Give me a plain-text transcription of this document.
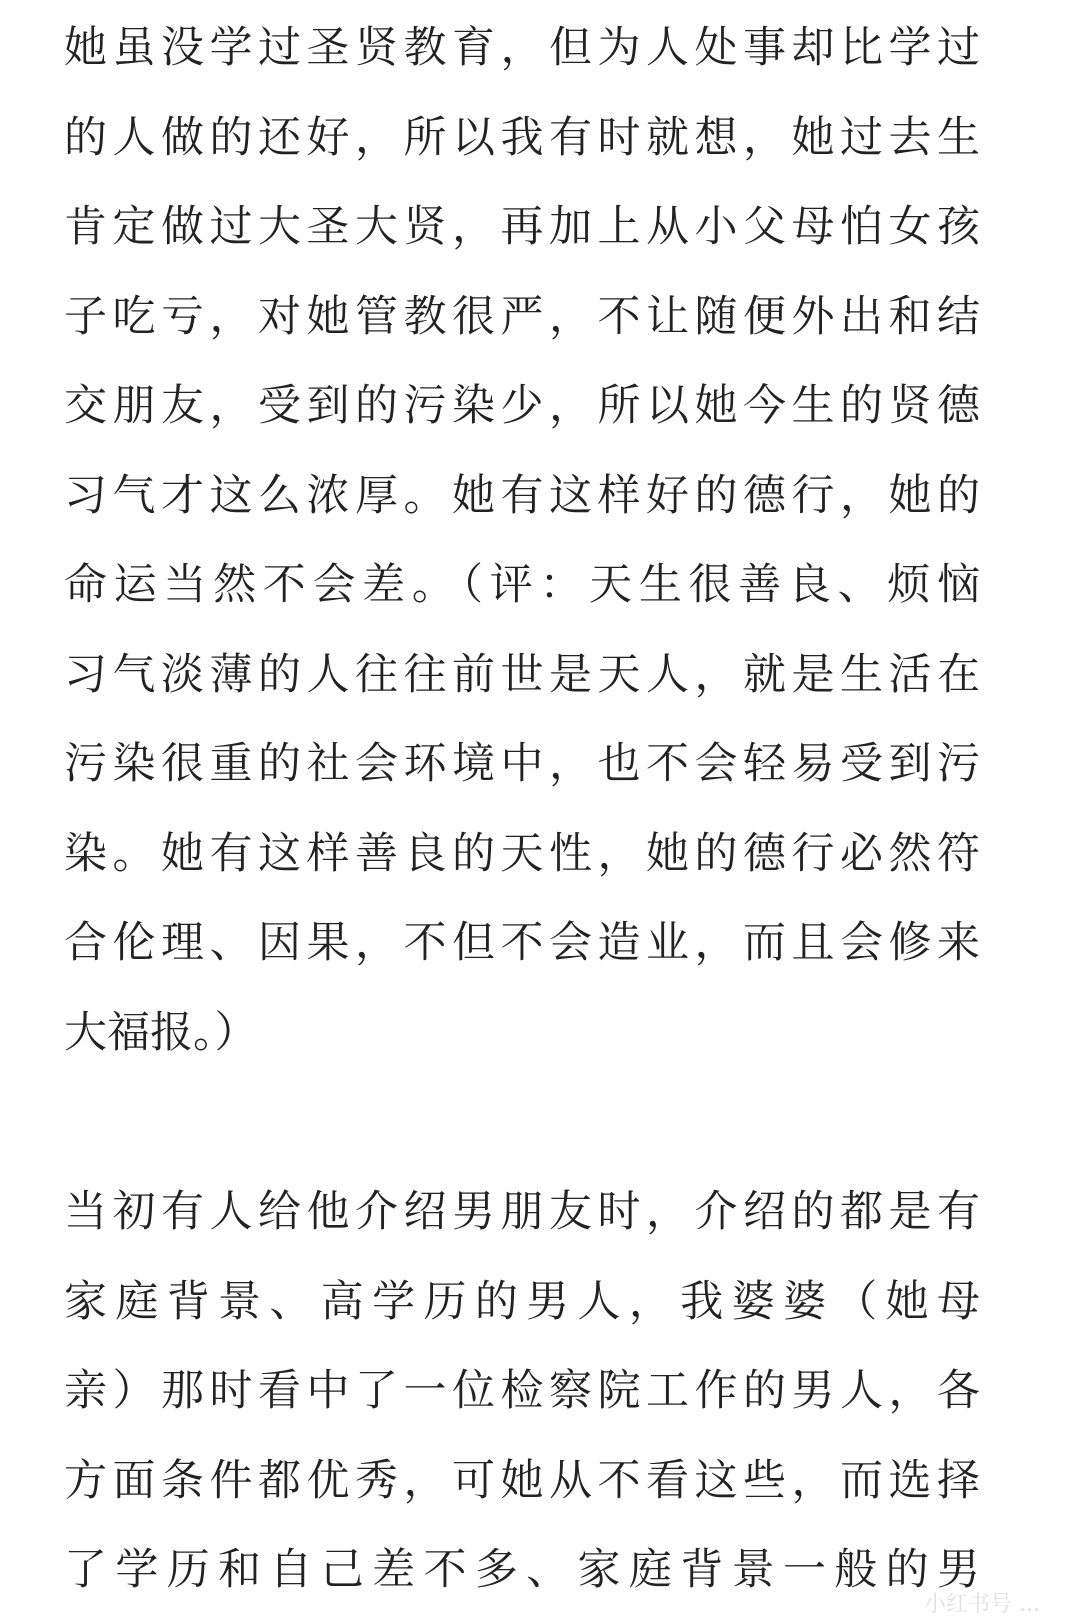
她虽没学过圣贤教育，但为人处事却比学过
的人做的还好，所以我有时就想，她过去生
肯定做过大圣大贤，再加上从小父母怕女孩
子吃亏，对她管教很严，不让随便外出和结
交朋友，受到的污染少，所以她今生的贤德
习气才这么浓厚。她有这样好的德行，她的
命运当然不会差。（评：天生很善良、烦恼
习气淡薄的人往往前世是天人，就是生活在
污染很重的社会环境中，也不会轻易受到污
染。她有这样善良的天性，她的德行必然符
合伦理、因果，不但不会造业，而且会修来
大福报。）
当初有人给他介绍男朋友时，介绍的都是有
家庭背景、高学历的男人，我婆婆（她母
亲）那时看中了一位检察院工作的男人，各
方面条件都优秀，可她从不看这些，而选择
了学历和自己差不多、家庭背景一般的男
小红书号 ...
